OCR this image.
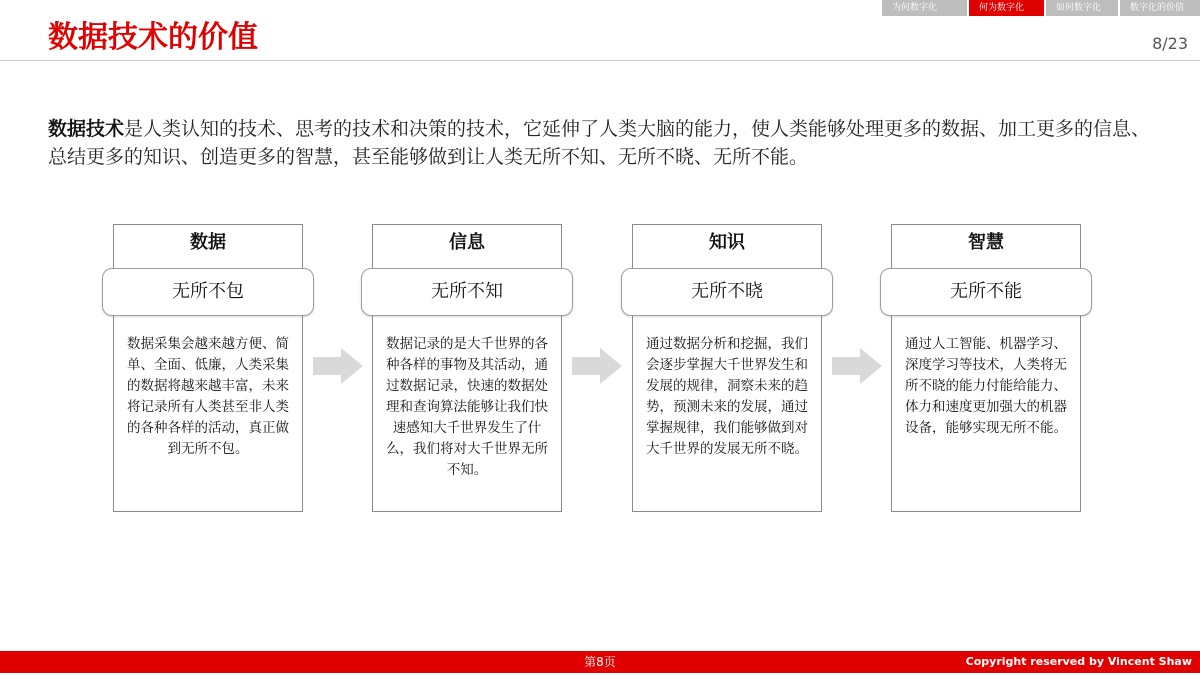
为何数字化	何为数字化	如何数字化	数字化的价值
数据技术的价值	8/23

数据技术是人类认知的技术、思考的技术和决策的技术，它延伸了人类大脑的能力，使人类能够处理更多的数据、加工更多的信息、总结更多的知识、创造更多的智慧，甚至能够做到让人类无所不知、无所不晓、无所不能。

数据
无所不包
数据采集会越来越方便、简单、全面、低廉，人类采集的数据将越来越丰富，未来将记录所有人类甚至非人类的各种各样的活动，真正做到无所不包。
信息
无所不知
数据记录的是大千世界的各种各样的事物及其活动，通过数据记录，快速的数据处理和查询算法能够让我们快速感知大千世界发生了什么，我们将对大千世界无所不知。
知识
无所不晓
通过数据分析和挖掘，我们会逐步掌握大千世界发生和发展的规律，洞察未来的趋势，预测未来的发展，通过掌握规律，我们能够做到对大千世界的发展无所不晓。
智慧
无所不能
通过人工智能、机器学习、深度学习等技术，人类将无所不晓的能力付能给能力、体力和速度更加强大的机器设备，能够实现无所不能。
第8页	Copyright reserved by Vincent Shaw
